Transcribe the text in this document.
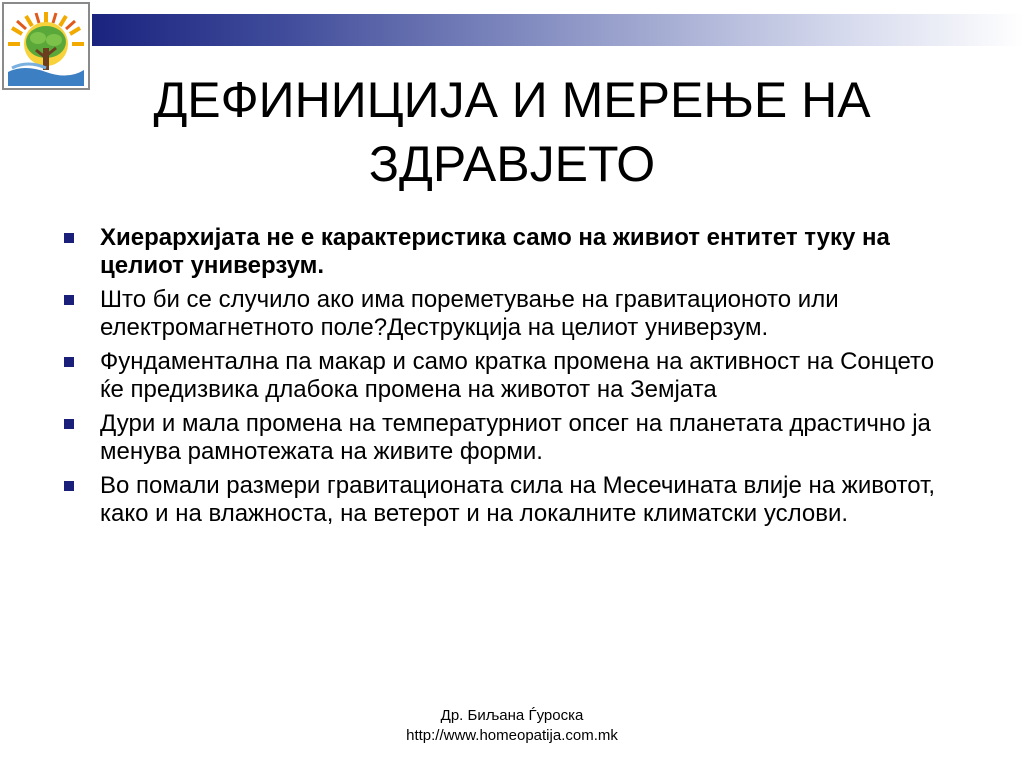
ДЕФИНИЦИЈА И МЕРЕЊЕ НА
ЗДРАВЈЕТО
Хиерархијата не е карактеристика само на живиот ентитет туку на целиот универзум.
Што би се случило ако има пореметување на гравитационото или електромагнетното поле?Деструкција на целиот универзум.
Фундаментална па макар и само кратка промена на активност на Сонцето ќе предизвика длабока промена на животот на Земјата
Дури и мала промена на температурниот опсег на планетата драстично ја менува рамнотежата на живите форми.
Во помали размери гравитационата сила на Месечината влије на животот, како и на влажноста, на ветерот и на локалните климатски услови.
Др. Биљана Ѓуроска
http://www.homeopatija.com.mk
